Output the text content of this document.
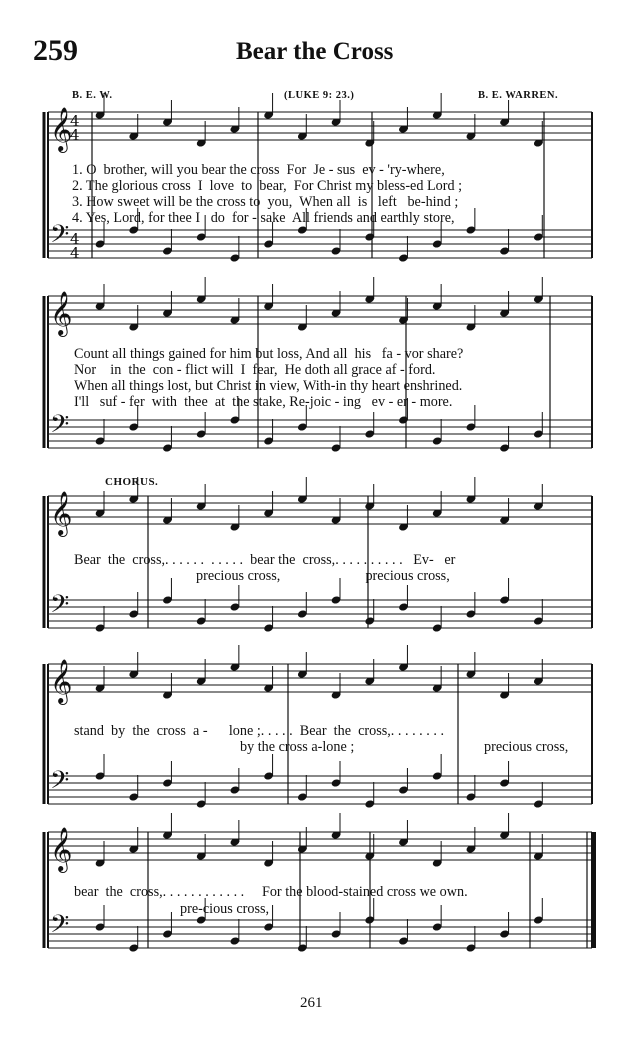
259	Bear the Cross
B. E. W.	(LUKE 9: 23.)	B. E. WARREN.
𝄞
𝄢
𝄞
𝄢
𝄞
𝄢
𝄞
𝄢
𝄞
𝄢
4
4
4
4
1. O  brother, will you bear the cross  For  Je - sus  ev - 'ry-where,
2. The glorious cross  I  love  to  bear,  For Christ my bless-ed Lord ;
3. How sweet will be the cross to  you,  When all  is   left   be-hind ;
4. Yes, Lord, for thee I   do  for - sake  All friends and earthly store,
Count all things gained for him but loss, And all  his   fa - vor share?
Nor    in  the  con - flict will  I  fear,  He doth all grace af - ford.
When all things lost, but Christ in view, With-in thy heart enshrined.
I'll   suf - fer  with  thee  at  the stake, Re-joic - ing   ev - er - more.
CHORUS.
Bear  the  cross,. . . . . .  . . . . .  bear the  cross,. . . . . . . . . .   Ev-   er
precious cross,                        precious cross,
stand  by  the  cross  a -      lone ;. . . . .  Bear  the  cross,. . . . . . . .
by the cross a-lone ;	precious cross,
bear  the  cross,. . . . . . . . . . . .     For the blood-stained cross we own.
pre-cious cross,
261
